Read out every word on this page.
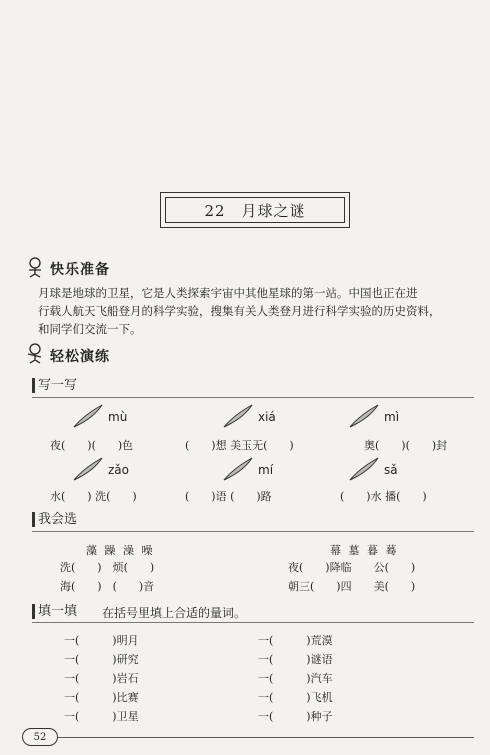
22　月球之谜
快乐准备
月球是地球的卫星，它是人类探索宇宙中其他星球的第一站。中国也正在进
行载人航天飞船登月的科学实验，搜集有关人类登月进行科学实验的历史资料，
和同学们交流一下。
轻松演练
写一写
mù	xiá	mì
夜(　　)(　　)色	(　　)想 美玉无(　　)	奥(　　)(　　)封
zǎo	mí	sǎ
水(　　) 洗(　　)	(　　)语 (　　)路	(　　)水 播(　　)
我会选
藻 躁 澡 噪
洗(　　)　烦(　　)
海(　　)　(　　)音
幕 墓 暮 蓦
夜(　　)降临　　公(　　)
朝三(　　)四　　美(　　)
填一填 在括号里填上合适的量词。
一(　　　)明月
一(　　　)研究
一(　　　)岩石
一(　　　)比赛
一(　　　)卫星
一(　　　)荒漠
一(　　　)谜语
一(　　　)汽车
一(　　　)飞机
一(　　　)种子
52
